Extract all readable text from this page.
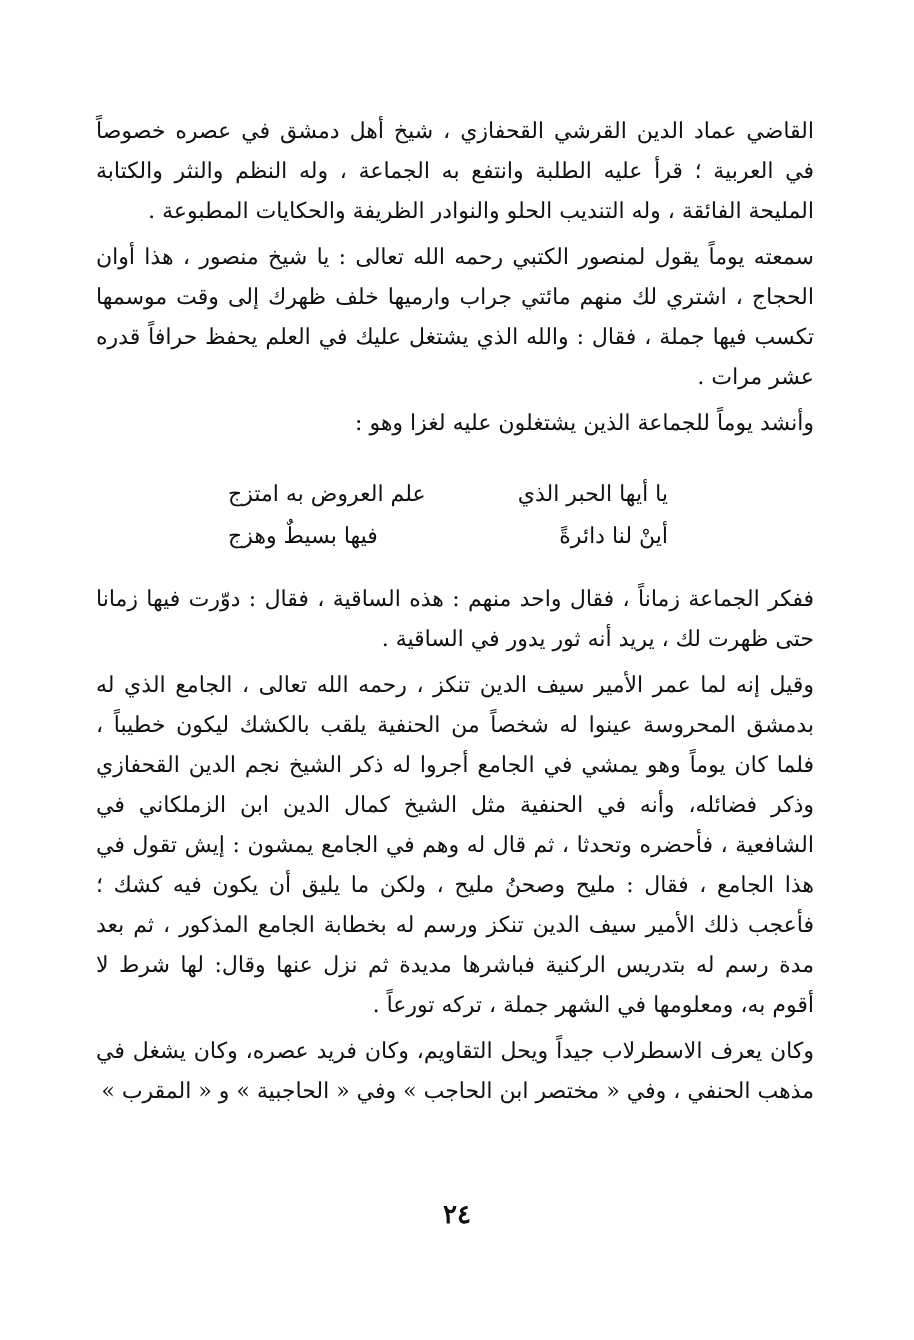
القاضي عماد الدين القرشي القحفازي ، شيخ أهل دمشق في عصره خصوصاً في العربية ؛ قرأ عليه الطلبة وانتفع به الجماعة ، وله النظم والنثر والكتابة المليحة الفائقة ، وله التنديب الحلو والنوادر الظريفة والحكايات المطبوعة .

سمعته يوماً يقول لمنصور الكتبي رحمه الله تعالى : يا شيخ منصور ، هذا أوان الحجاج ، اشتري لك منهم مائتي جراب وارميها خلف ظهرك إلى وقت موسمها تكسب فيها جملة ، فقال : والله الذي يشتغل عليك في العلم يحفظ حرافاً قدره عشر مرات .

وأنشد يوماً للجماعة الذين يشتغلون عليه لغزا وهو :

يا أيها الحبر الذي
علم العروض به امتزج
أينْ لنا دائرةً
فيها بسيطٌ وهزج

ففكر الجماعة زماناً ، فقال واحد منهم : هذه الساقية ، فقال : دوّرت فيها زمانا حتى ظهرت لك ، يريد أنه ثور يدور في الساقية .

وقيل إنه لما عمر الأمير سيف الدين تنكز ، رحمه الله تعالى ، الجامع الذي له بدمشق المحروسة عينوا له شخصاً من الحنفية يلقب بالكشك ليكون خطيباً ، فلما كان يوماً وهو يمشي في الجامع أجروا له ذكر الشيخ نجم الدين القحفازي وذكر فضائله، وأنه في الحنفية مثل الشيخ كمال الدين ابن الزملكاني في الشافعية ، فأحضره وتحدثا ، ثم قال له وهم في الجامع يمشون : إيش تقول في هذا الجامع ، فقال : مليح وصحنُ مليح ، ولكن ما يليق أن يكون فيه كشك ؛ فأعجب ذلك الأمير سيف الدين تنكز ورسم له بخطابة الجامع المذكور ، ثم بعد مدة رسم له بتدريس الركنية فباشرها مديدة ثم نزل عنها وقال: لها شرط لا أقوم به، ومعلومها في الشهر جملة ، تركه تورعاً .

وكان يعرف الاسطرلاب جيداً ويحل التقاويم، وكان فريد عصره، وكان يشغل في مذهب الحنفي ، وفي « مختصر ابن الحاجب » وفي « الحاجبية » و « المقرب »

٢٤
